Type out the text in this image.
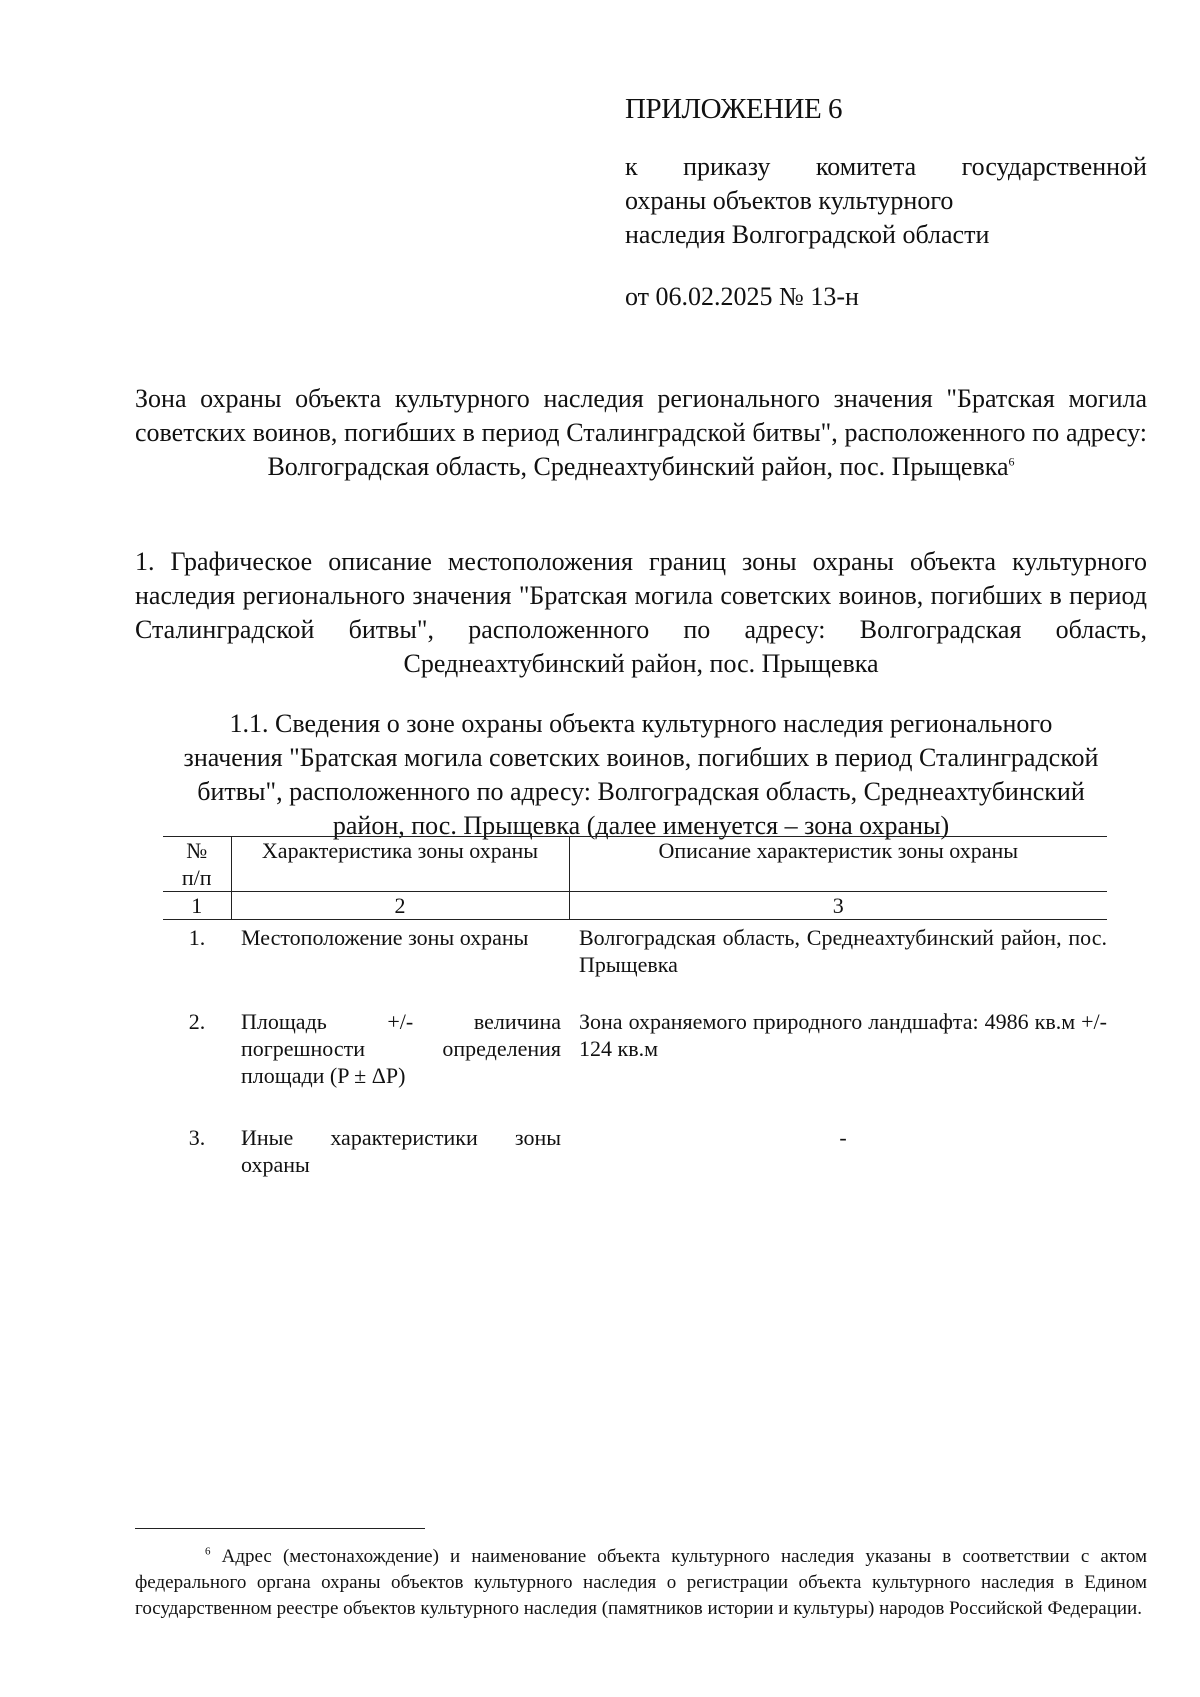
ПРИЛОЖЕНИЕ 6
к приказу комитета государственной
охраны объектов культурного
наследия Волгоградской области
от 06.02.2025 № 13-н
Зона охраны объекта культурного наследия регионального значения "Братская могила советских воинов, погибших в период Сталинградской битвы", расположенного по адресу: Волгоградская область, Среднеахтубинский район, пос. Прыщевка$^6$
1. Графическое описание местоположения границ зоны охраны объекта культурного наследия регионального значения "Братская могила советских воинов, погибших в период Сталинградской битвы", расположенного по адресу: Волгоградская область, Среднеахтубинский район, пос. Прыщевка
1.1. Сведения о зоне охраны объекта культурного наследия регионального
значения "Братская могила советских воинов, погибших в период Сталинградской
битвы", расположенного по адресу: Волгоградская область, Среднеахтубинский
район, пос. Прыщевка (далее именуется – зона охраны)
№
п/п	Характеристика зоны охраны	Описание характеристик зоны охраны
1	2	3
1.	Местоположение зоны охраны	Волгоградская область, Среднеахтубинский район, пос. Прыщевка
2.	Площадь +/- величина погрешности определения площади (P ± ΔP)	Зона охраняемого природного ландшафта: 4986 кв.м +/- 124 кв.м
3.	Иные характеристики зоны охраны	-
$^6$ Адрес (местонахождение) и наименование объекта культурного наследия указаны в соответствии с актом федерального органа охраны объектов культурного наследия о регистрации объекта культурного наследия в Едином государственном реестре объектов культурного наследия (памятников истории и культуры) народов Российской Федерации.
